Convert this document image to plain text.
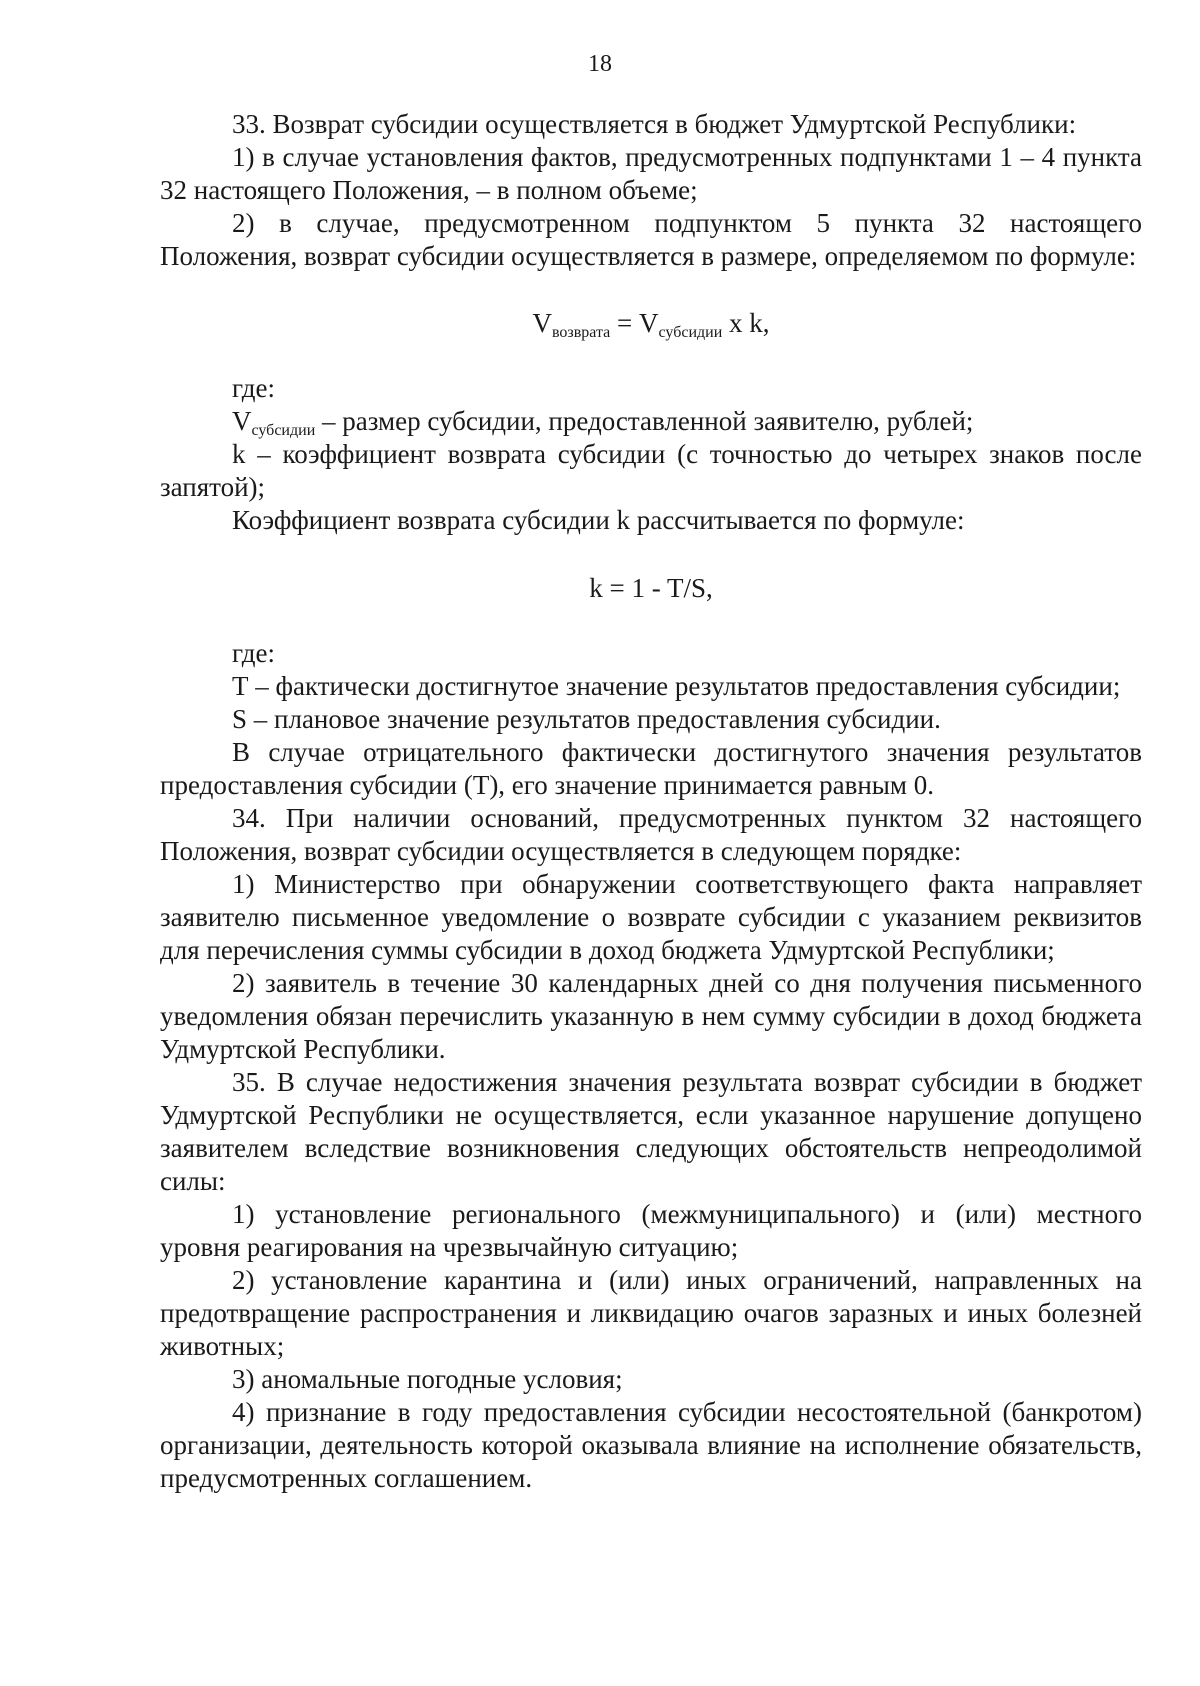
18

33. Возврат субсидии осуществляется в бюджет Удмуртской Республики:

1) в случае установления фактов, предусмотренных подпунктами 1 – 4 пункта 32 настоящего Положения, – в полном объеме;

2) в случае, предусмотренном подпунктом 5 пункта 32 настоящего Положения, возврат субсидии осуществляется в размере, определяемом по формуле:

$V_{возврата} = V_{субсидии}$ х k,

где:

$V_{субсидии}$ – размер субсидии, предоставленной заявителю, рублей;

k – коэффициент возврата субсидии (с точностью до четырех знаков после запятой);

Коэффициент возврата субсидии k рассчитывается по формуле:

k = 1 - T/S,

где:

Т – фактически достигнутое значение результатов предоставления субсидии;

S – плановое значение результатов предоставления субсидии.

В случае отрицательного фактически достигнутого значения результатов предоставления субсидии (Т), его значение принимается равным 0.

34. При наличии оснований, предусмотренных пунктом 32 настоящего Положения, возврат субсидии осуществляется в следующем порядке:

1) Министерство при обнаружении соответствующего факта направляет заявителю письменное уведомление о возврате субсидии с указанием реквизитов для перечисления суммы субсидии в доход бюджета Удмуртской Республики;

2) заявитель в течение 30 календарных дней со дня получения письменного уведомления обязан перечислить указанную в нем сумму субсидии в доход бюджета Удмуртской Республики.

35. В случае недостижения значения результата возврат субсидии в бюджет Удмуртской Республики не осуществляется, если указанное нарушение допущено заявителем вследствие возникновения следующих обстоятельств непреодолимой силы:

1) установление регионального (межмуниципального) и (или) местного уровня реагирования на чрезвычайную ситуацию;

2) установление карантина и (или) иных ограничений, направленных на предотвращение распространения и ликвидацию очагов заразных и иных болезней животных;

3) аномальные погодные условия;

4) признание в году предоставления субсидии несостоятельной (банкротом) организации, деятельность которой оказывала влияние на исполнение обязательств, предусмотренных соглашением.
